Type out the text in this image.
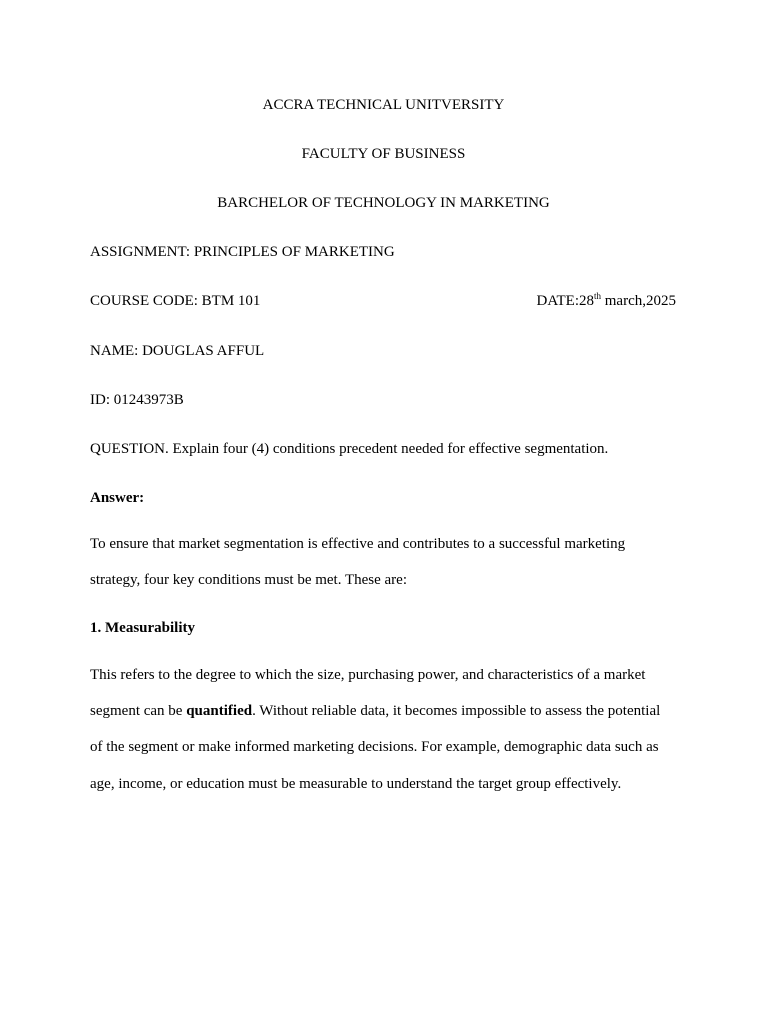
ACCRA TECHNICAL UNITVERSITY
FACULTY OF BUSINESS
BARCHELOR OF TECHNOLOGY IN MARKETING
ASSIGNMENT: PRINCIPLES OF MARKETING
COURSE CODE: BTM 101	DATE:28th march,2025
NAME: DOUGLAS AFFUL
ID: 01243973B
QUESTION. Explain four (4) conditions precedent needed for effective segmentation.
Answer:
To ensure that market segmentation is effective and contributes to a successful marketing
strategy, four key conditions must be met. These are:
1. Measurability
This refers to the degree to which the size, purchasing power, and characteristics of a market
segment can be quantified. Without reliable data, it becomes impossible to assess the potential
of the segment or make informed marketing decisions. For example, demographic data such as
age, income, or education must be measurable to understand the target group effectively.
